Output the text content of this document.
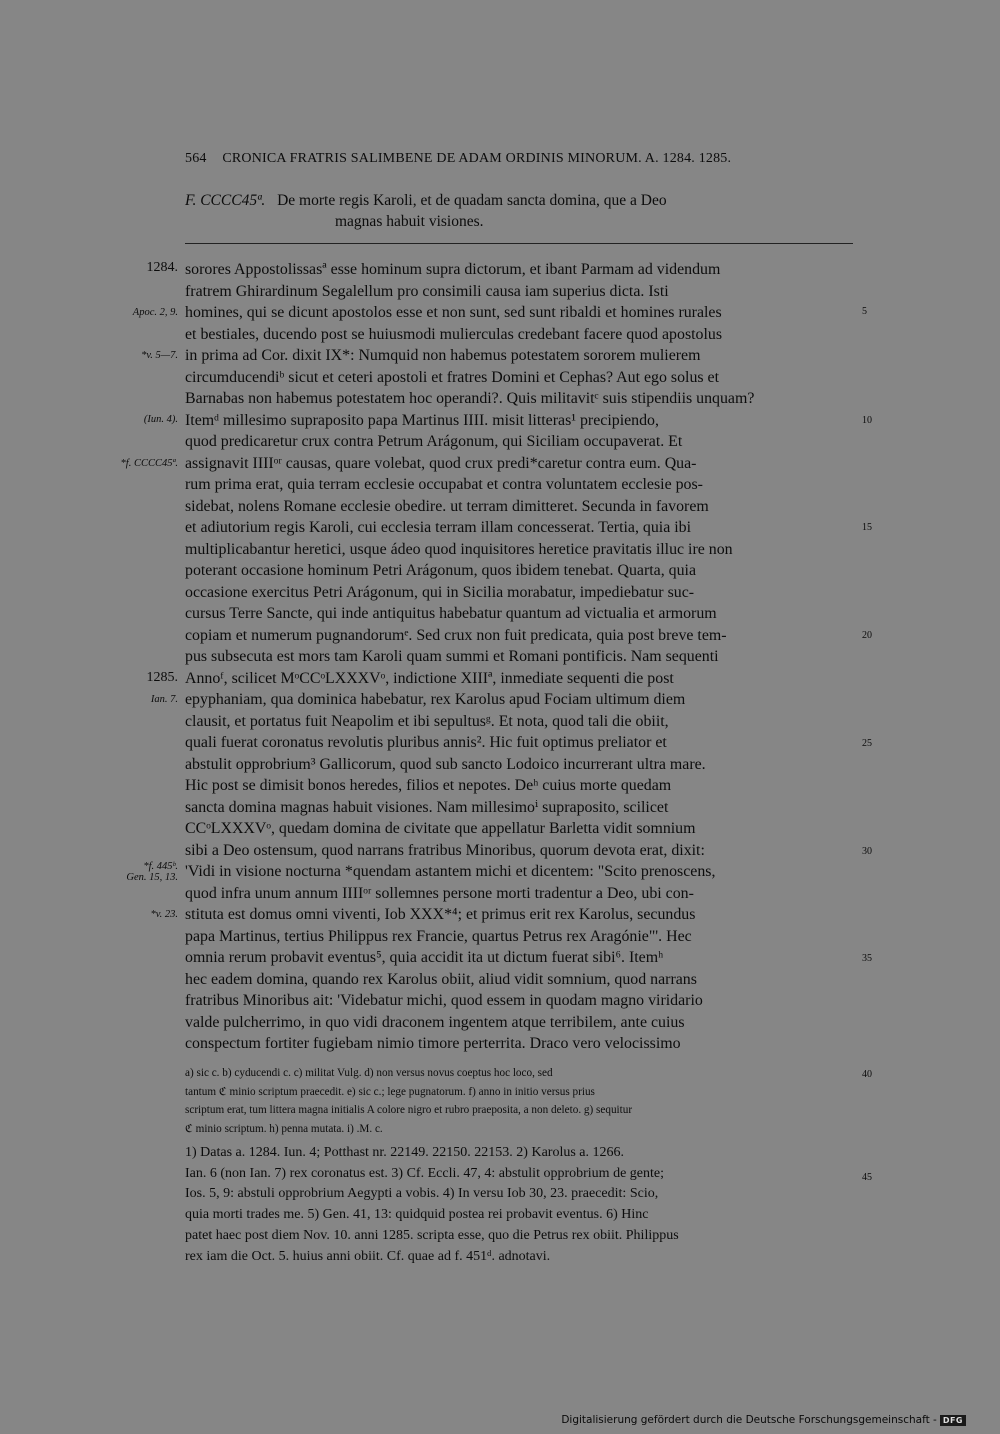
564 CRONICA FRATRIS SALIMBENE DE ADAM ORDINIS MINORUM. A. 1284. 1285.
F. CCCC45ª. De morte regis Karoli, et de quadam sancta domina, que a Deo
magnas habuit visiones.
1284.
Apoc. 2, 9.
*v. 5—7.
(Iun. 4).
*f. CCCC45ª.
1285.
Ian. 7.
*f. 445ᵇ.
Gen. 15, 13.
*v. 23.
5
10
15
20
25
30
35
40
45
sorores Appostolissasª esse hominum supra dictorum, et ibant Parmam ad videndum
fratrem Ghirardinum Segalellum pro consimili causa iam superius dicta. Isti
homines, qui se dicunt apostolos esse et non sunt, sed sunt ribaldi et homines rurales
et bestiales, ducendo post se huiusmodi mulierculas credebant facere quod apostolus
in prima ad Cor. dixit IX*: Numquid non habemus potestatem sororem mulierem
circumducendiᵇ sicut et ceteri apostoli et fratres Domini et Cephas? Aut ego solus et
Barnabas non habemus potestatem hoc operandi?. Quis militavitᶜ suis stipendiis unquam?
Itemᵈ millesimo supraposito papa Martinus IIII. misit litteras¹ precipiendo,
quod predicaretur crux contra Petrum Arágonum, qui Siciliam occupaverat. Et
assignavit IIIIᵒʳ causas, quare volebat, quod crux predi*caretur contra eum. Qua-
rum prima erat, quia terram ecclesie occupabat et contra voluntatem ecclesie pos-
sidebat, nolens Romane ecclesie obedire. ut terram dimitteret. Secunda in favorem
et adiutorium regis Karoli, cui ecclesia terram illam concesserat. Tertia, quia ibi
multiplicabantur heretici, usque ádeo quod inquisitores heretice pravitatis illuc ire non
poterant occasione hominum Petri Arágonum, quos ibidem tenebat. Quarta, quia
occasione exercitus Petri Arágonum, qui in Sicilia morabatur, impediebatur suc-
cursus Terre Sancte, qui inde antiquitus habebatur quantum ad victualia et armorum
copiam et numerum pugnandorumᵉ. Sed crux non fuit predicata, quia post breve tem-
pus subsecuta est mors tam Karoli quam summi et Romani pontificis. Nam sequenti
Annoᶠ, scilicet MᵒCCᵒLXXXVᵒ, indictione XIIIª, inmediate sequenti die post
epyphaniam, qua dominica habebatur, rex Karolus apud Fociam ultimum diem
clausit, et portatus fuit Neapolim et ibi sepultusᵍ. Et nota, quod tali die obiit,
quali fuerat coronatus revolutis pluribus annis². Hic fuit optimus preliator et
abstulit opprobrium³ Gallicorum, quod sub sancto Lodoico incurrerant ultra mare.
Hic post se dimisit bonos heredes, filios et nepotes. Deʰ cuius morte quedam
sancta domina magnas habuit visiones. Nam millesimoⁱ supraposito, scilicet
CCᵒLXXXVᵒ, quedam domina de civitate que appellatur Barletta vidit somnium
sibi a Deo ostensum, quod narrans fratribus Minoribus, quorum devota erat, dixit:
'Vidi in visione nocturna *quendam astantem michi et dicentem: "Scito prenoscens,
quod infra unum annum IIIIᵒʳ sollemnes persone morti tradentur a Deo, ubi con-
stituta est domus omni viventi, Iob XXX*⁴; et primus erit rex Karolus, secundus
papa Martinus, tertius Philippus rex Francie, quartus Petrus rex Aragónie"'. Hec
omnia rerum probavit eventus⁵, quia accidit ita ut dictum fuerat sibi⁶. Itemʰ
hec eadem domina, quando rex Karolus obiit, aliud vidit somnium, quod narrans
fratribus Minoribus ait: 'Videbatur michi, quod essem in quodam magno viridario
valde pulcherrimo, in quo vidi draconem ingentem atque terribilem, ante cuius
conspectum fortiter fugiebam nimio timore perterrita. Draco vero velocissimo
a) sic c. b) cyducendi c. c) militat Vulg. d) non versus novus coeptus hoc loco, sed
tantum ℭ minio scriptum praecedit. e) sic c.; lege pugnatorum. f) anno in initio versus prius
scriptum erat, tum littera magna initialis A colore nigro et rubro praeposita, a non deleto. g) sequitur
ℭ minio scriptum. h) penna mutata. i) .M. c.
1) Datas a. 1284. Iun. 4; Potthast nr. 22149. 22150. 22153. 2) Karolus a. 1266.
Ian. 6 (non Ian. 7) rex coronatus est. 3) Cf. Eccli. 47, 4: abstulit opprobrium de gente;
Ios. 5, 9: abstuli opprobrium Aegypti a vobis. 4) In versu Iob 30, 23. praecedit: Scio,
quia morti trades me. 5) Gen. 41, 13: quidquid postea rei probavit eventus. 6) Hinc
patet haec post diem Nov. 10. anni 1285. scripta esse, quo die Petrus rex obiit. Philippus
rex iam die Oct. 5. huius anni obiit. Cf. quae ad f. 451ᵈ. adnotavi.
Digitalisierung gefördert durch die Deutsche Forschungsgemeinschaft - DFG
